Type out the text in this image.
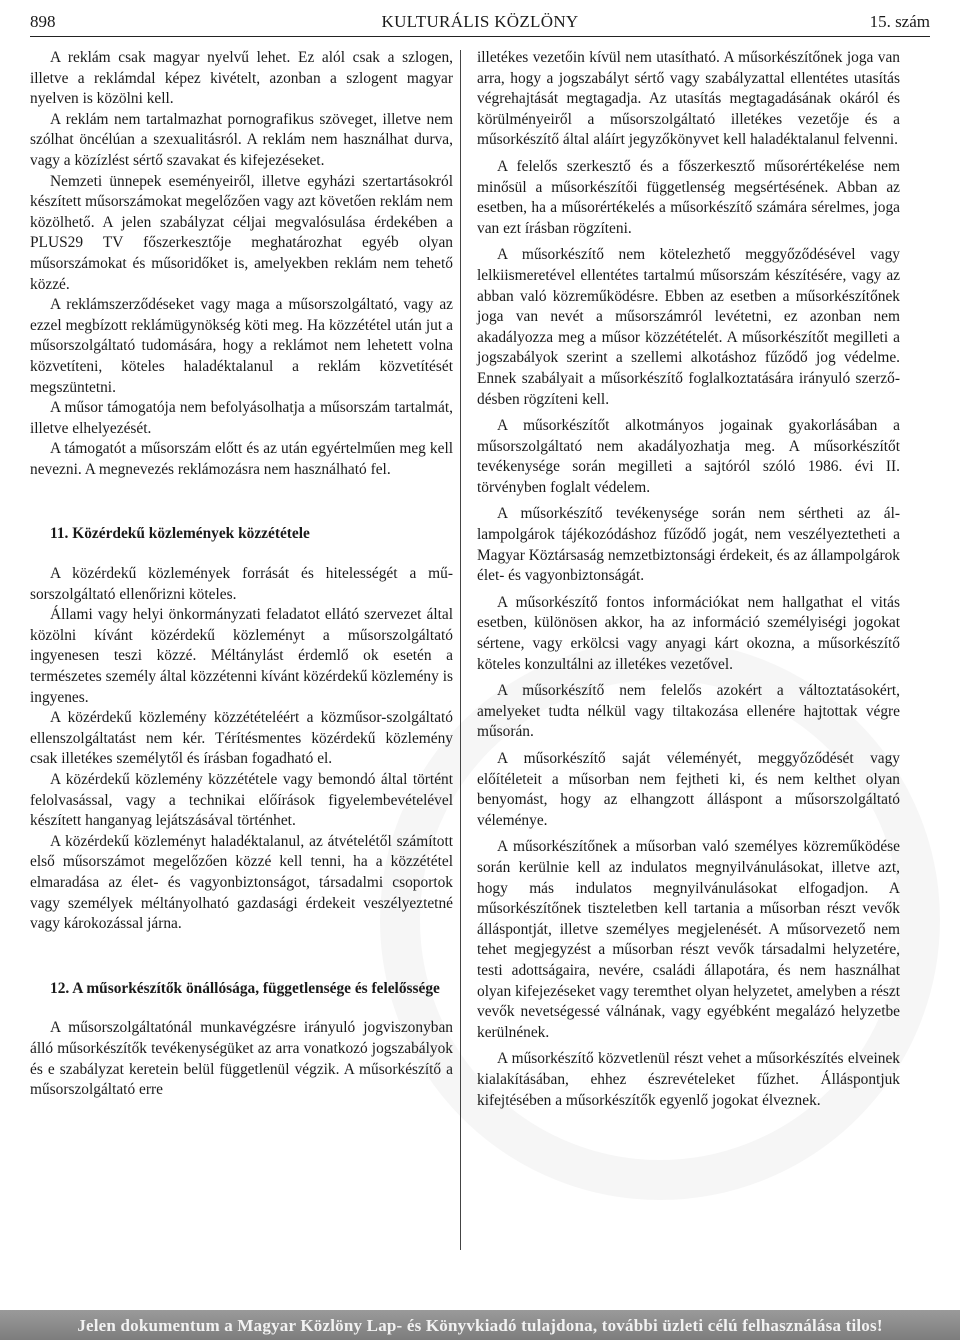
KULTURÁLIS KÖZLÖNY
898	15. szám

A reklám csak magyar nyelvű lehet. Ez alól csak a szlogen, illetve a reklámdal képez kivételt, azonban a szlogent magyar nyelven is közölni kell.

A reklám nem tartalmazhat pornografikus szöveget, illetve nem szólhat öncélúan a szexualitásról. A reklám nem használhat durva, vagy a közízlést sértő szavakat és kifejezéseket.

Nemzeti ünnepek eseményeiről, illetve egyházi szertartásokról készített műsorszámokat megelőzően vagy azt követően reklám nem közölhető. A jelen szabályzat céljai megvalósulása érdekében a PLUS29 TV főszerkesztője meghatározhat egyéb olyan műsorszámokat és műsoridőket is, amelyekben reklám nem tehető közzé.

A reklámszerződéseket vagy maga a műsorszolgáltató, vagy az ezzel megbízott reklámügynökség köti meg. Ha közzététel után jut a műsorszolgáltató tudomására, hogy a reklámot nem lehetett volna közvetíteni, köteles haladéktalanul a reklám közvetítését megszüntetni.

A műsor támogatója nem befolyásolhatja a műsorszám tartalmát, illetve elhelyezését.

A támogatót a műsorszám előtt és az után egyértelműen meg kell nevezni. A megnevezés reklámozásra nem használható fel.

11. Közérdekű közlemények közzététele

A közérdekű közlemények forrását és hitelességét a műsorszolgáltató ellenőrizni köteles.

Állami vagy helyi önkormányzati feladatot ellátó szervezet által közölni kívánt közérdekű közleményt a műsorszolgáltató ingyenesen teszi közzé. Méltánylást érdemlő ok esetén a természetes személy által közzétenni kívánt közérdekű közlemény is ingyenes.

A közérdekű közlemény közzétételéért a közműsor-szolgáltató ellenszolgáltatást nem kér. Térítésmentes közérdekű közlemény csak illetékes személytől és írásban fogadható el.

A közérdekű közlemény közzététele vagy bemondó által történt felolvasással, vagy a technikai előírások figyelembevételével készített hanganyag lejátszásával történhet.

A közérdekű közleményt haladéktalanul, az átvételétől számított első műsorszámot megelőzően közzé kell tenni, ha a közzététel elmaradása az élet- és vagyonbiztonságot, társadalmi csoportok vagy személyek méltányolható gazdasági érdekeit veszélyeztetné vagy károkozással járna.

12. A műsorkészítők önállósága, függetlensége és felelőssége

A műsorszolgáltatónál munkavégzésre irányuló jogviszonyban álló műsorkészítők tevékenységüket az arra vonatkozó jogszabályok és e szabályzat keretein belül függetlenül végzik. A műsorkészítő a műsorszolgáltató erre

illetékes vezetőin kívül nem utasítható. A műsorkészítőnek joga van arra, hogy a jogszabályt sértő vagy szabályzattal ellentétes utasítás végrehajtását megtagadja. Az utasítás megtagadásának okáról és körülményeiről a műsorszolgáltató illetékes vezetője és a műsorkészítő által aláírt jegyzőkönyvet kell haladéktalanul felvenni.

A felelős szerkesztő és a főszerkesztő műsorértékelése nem minősül a műsorkészítői függetlenség megsértésének. Abban az esetben, ha a műsorértékelés a műsorkészítő számára sérelmes, joga van ezt írásban rögzíteni.

A műsorkészítő nem kötelezhető meggyőződésével vagy lelkiismeretével ellentétes tartalmú műsorszám készítésére, vagy az abban való közreműködésre. Ebben az esetben a műsorkészítőnek joga van nevét a műsorszámról levétetni, ez azonban nem akadályozza meg a műsor közzétételét. A műsorkészítőt megilleti a jogszabályok szerint a szellemi alkotáshoz fűződő jog védelme. Ennek szabályait a műsorkészítő foglalkoztatására irányuló szerződésben rögzíteni kell.

A műsorkészítőt alkotmányos jogainak gyakorlásában a műsorszolgáltató nem akadályozhatja meg. A műsorkészítőt tevékenysége során megilleti a sajtóról szóló 1986. évi II. törvényben foglalt védelem.

A műsorkészítő tevékenysége során nem sértheti az állampolgárok tájékozódáshoz fűződő jogát, nem veszélyeztetheti a Magyar Köztársaság nemzetbiztonsági érdekeit, és az állampolgárok élet- és vagyonbiztonságát.

A műsorkészítő fontos információkat nem hallgathat el vitás esetben, különösen akkor, ha az információ személyiségi jogokat sértene, vagy erkölcsi vagy anyagi kárt okozna, a műsorkészítő köteles konzultálni az illetékes vezetővel.

A műsorkészítő nem felelős azokért a változtatásokért, amelyeket tudta nélkül vagy tiltakozása ellenére hajtottak végre műsorán.

A műsorkészítő saját véleményét, meggyőződését vagy előítéleteit a műsorban nem fejtheti ki, és nem kelthet olyan benyomást, hogy az elhangzott álláspont a műsorszolgáltató véleménye.

A műsorkészítőnek a műsorban való személyes közreműködése során kerülnie kell az indulatos megnyilvánulásokat, illetve azt, hogy más indulatos megnyilvánulásokat elfogadjon. A műsorkészítőnek tiszteletben kell tartania a műsorban részt vevők álláspontját, illetve személyes megjelenését. A műsorvezető nem tehet megjegyzést a műsorban részt vevők társadalmi helyzetére, testi adottságaira, nevére, családi állapotára, és nem használhat olyan kifejezéseket vagy teremthet olyan helyzetet, amelyben a részt vevők nevetségessé válnának, vagy egyébként megalázó helyzetbe kerülnének.

A műsorkészítő közvetlenül részt vehet a műsorkészítés elveinek kialakításában, ehhez észrevételeket fűzhet. Álláspontjuk kifejtésében a műsorkészítők egyenlő jogokat élveznek.

Jelen dokumentum a Magyar Közlöny Lap- és Könyvkiadó tulajdona, további üzleti célú felhasználása tilos!
